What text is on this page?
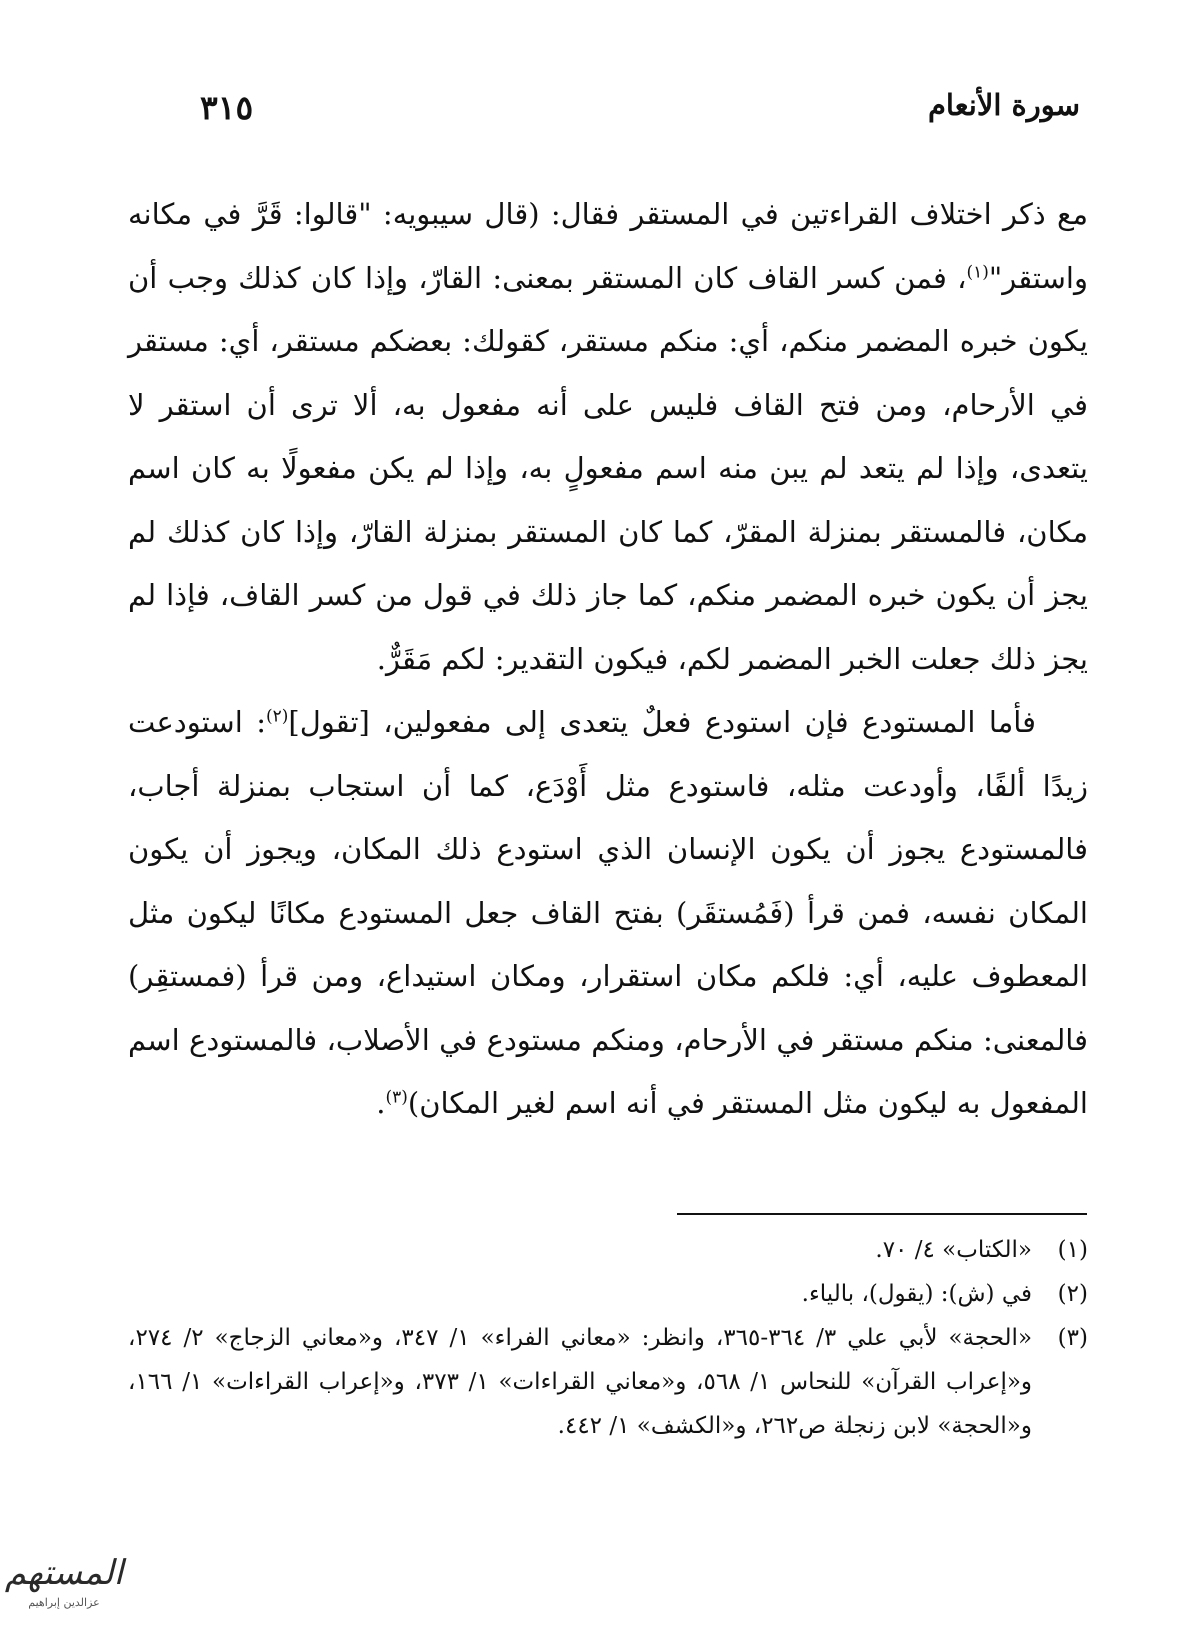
سورة الأنعام
٣١٥

مع ذكر اختلاف القراءتين في المستقر فقال: (قال سيبويه: "قالوا: قَرَّ في مكانه واستقر"$^{(١)}$، فمن كسر القاف كان المستقر بمعنى: القارّ، وإذا كان كذلك وجب أن يكون خبره المضمر منكم، أي: منكم مستقر، كقولك: بعضكم مستقر، أي: مستقر في الأرحام، ومن فتح القاف فليس على أنه مفعول به، ألا ترى أن استقر لا يتعدى، وإذا لم يتعد لم يبن منه اسم مفعولٍ به، وإذا لم يكن مفعولًا به كان اسم مكان، فالمستقر بمنزلة المقرّ، كما كان المستقر بمنزلة القارّ، وإذا كان كذلك لم يجز أن يكون خبره المضمر منكم، كما جاز ذلك في قول من كسر القاف، فإذا لم يجز ذلك جعلت الخبر المضمر لكم، فيكون التقدير: لكم مَقَرٌّ.

فأما المستودع فإن استودع فعلٌ يتعدى إلى مفعولين، [تقول]$^{(٢)}$: استودعت زيدًا ألفًا، وأودعت مثله، فاستودع مثل أَوْدَع، كما أن استجاب بمنزلة أجاب، فالمستودع يجوز أن يكون الإنسان الذي استودع ذلك المكان، ويجوز أن يكون المكان نفسه، فمن قرأ (فَمُستقَر) بفتح القاف جعل المستودع مكانًا ليكون مثل المعطوف عليه، أي: فلكم مكان استقرار، ومكان استيداع، ومن قرأ (فمستقِر) فالمعنى: منكم مستقر في الأرحام، ومنكم مستودع في الأصلاب، فالمستودع اسم المفعول به ليكون مثل المستقر في أنه اسم لغير المكان)$^{(٣)}$.

(١)
«الكتاب» ٤/ ٧٠.
(٢)
في (ش): (يقول)، بالياء.
(٣)
«الحجة» لأبي علي ٣/ ٣٦٤-٣٦٥، وانظر: «معاني الفراء» ١/ ٣٤٧، و«معاني الزجاج» ٢/ ٢٧٤، و«إعراب القرآن» للنحاس ١/ ٥٦٨، و«معاني القراءات» ١/ ٣٧٣، و«إعراب القراءات» ١/ ١٦٦، و«الحجة» لابن زنجلة ص٢٦٢، و«الكشف» ١/ ٤٤٢.
المستهم
عزالدين إبراهيم
